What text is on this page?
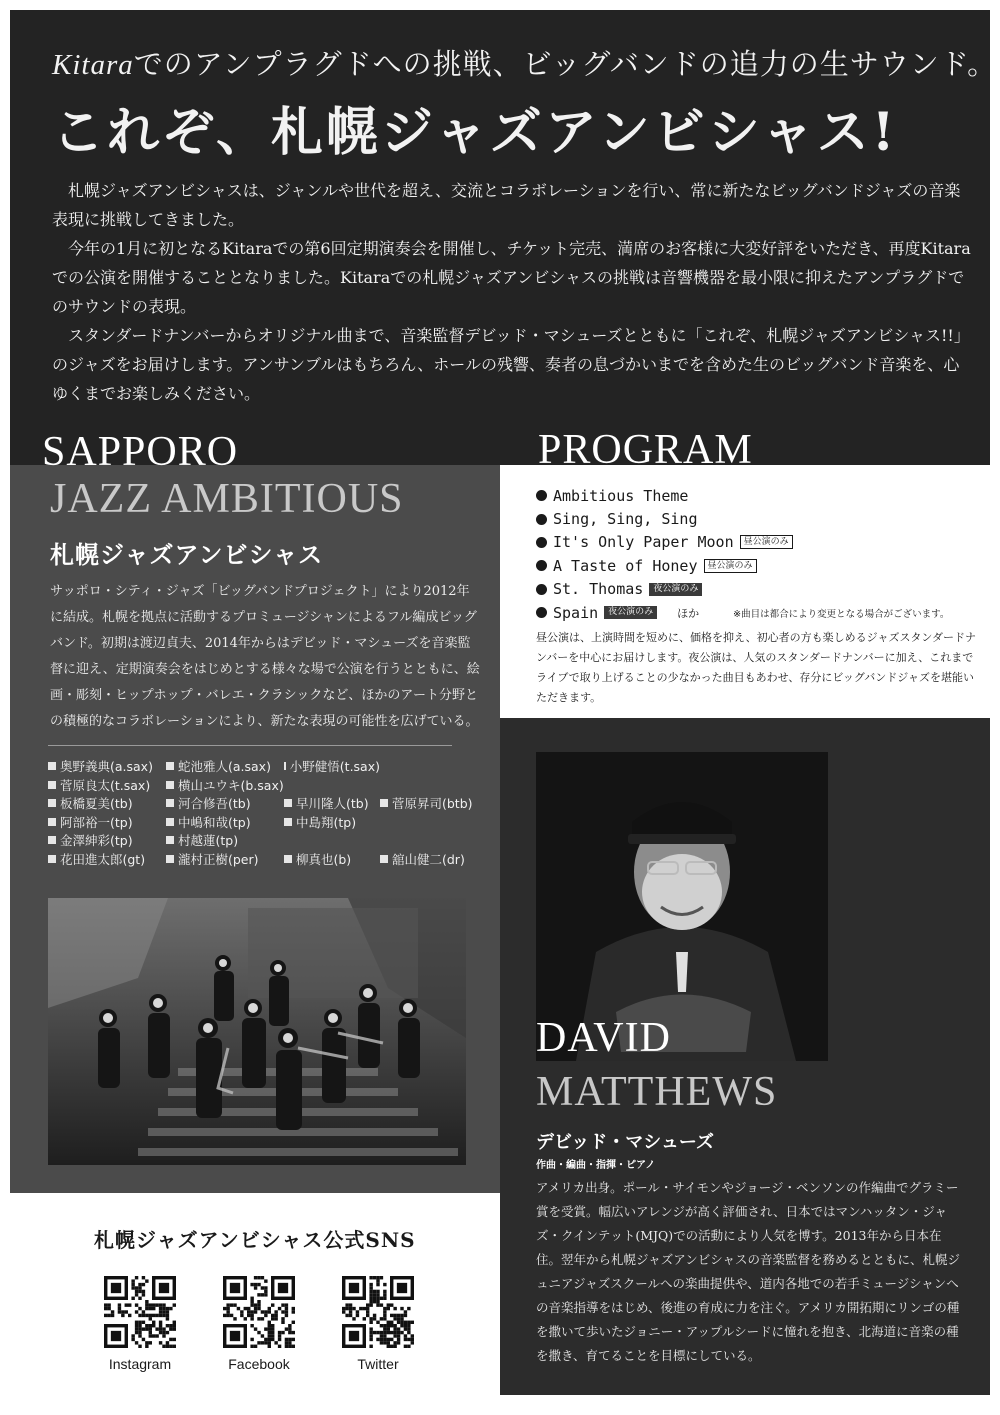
Kitaraでのアンプラグドへの挑戦、ビッグバンドの追力の生サウンド。
これぞ、札幌ジャズアンビシャス!

札幌ジャズアンビシャスは、ジャンルや世代を超え、交流とコラボレーションを行い、常に新たなビッグバンドジャズの音楽表現に挑戦してきました。

今年の1月に初となるKitaraでの第6回定期演奏会を開催し、チケット完売、満席のお客様に大変好評をいただき、再度Kitaraでの公演を開催することとなりました。Kitaraでの札幌ジャズアンビシャスの挑戦は音響機器を最小限に抑えたアンプラグドでのサウンドの表現。

スタンダードナンバーからオリジナル曲まで、音楽監督デビッド・マシューズとともに「これぞ、札幌ジャズアンビシャス!!」のジャズをお届けします。アンサンブルはもちろん、ホールの残響、奏者の息づかいまでを含めた生のビッグバンド音楽を、心ゆくまでお楽しみください。

JAZZ AMBITIOUS
札幌ジャズアンビシャス

サッポロ・シティ・ジャズ「ビッグバンドプロジェクト」により2012年に結成。札幌を拠点に活動するプロミュージシャンによるフル編成ビッグバンド。初期は渡辺貞夫、2014年からはデビッド・マシューズを音楽監督に迎え、定期演奏会をはじめとする様々な場で公演を行うとともに、絵画・彫刻・ヒップホップ・バレエ・クラシックなど、ほかのアート分野との積極的なコラボレーションにより、新たな表現の可能性を広げている。

奥野義典(a.sax) 蛇池雅人(a.sax) 小野健悟(t.sax)
菅原良太(t.sax) 横山ユウキ(b.sax)
板橋夏美(tb)	河合修吾(tb)	早川隆人(tb) 菅原昇司(btb)
阿部裕一(tp)	中嶋和哉(tp)	中島翔(tp)
金澤紳彩(tp)	村越蓮(tp)
花田進太郎(gt)	瀧村正樹(per)	柳真也(b)	舘山健二(dr)
SAPPORO	PROGRAM
Ambitious Theme
Sing, Sing, Sing
It's Only Paper Moon	昼公演のみ
A Taste of Honey	昼公演のみ
St. Thomas	夜公演のみ
Spain	夜公演のみ	ほか	※曲目は都合により変更となる場合がございます。

昼公演は、上演時間を短めに、価格を抑え、初心者の方も楽しめるジャズスタンダードナンバーを中心にお届けします。夜公演は、人気のスタンダードナンバーに加え、これまでライブで取り上げることの少なかった曲目もあわせ、存分にビッグバンドジャズを堪能いただきます。

DAVID
MATTHEWS
デビッド・マシューズ
作曲・編曲・指揮・ピアノ

アメリカ出身。ポール・サイモンやジョージ・ベンソンの作編曲でグラミー賞を受賞。幅広いアレンジが高く評価され、日本ではマンハッタン・ジャズ・クインテット(MJQ)での活動により人気を博す。2013年から日本在住。翌年から札幌ジャズアンビシャスの音楽監督を務めるとともに、札幌ジュニアジャズスクールへの楽曲提供や、道内各地での若手ミュージシャンへの音楽指導をはじめ、後進の育成に力を注ぐ。アメリカ開拓期にリンゴの種を撒いて歩いたジョニー・アップルシードに憧れを抱き、北海道に音楽の種を撒き、育てることを目標にしている。

札幌ジャズアンビシャス公式SNS
Instagram	Facebook	Twitter
